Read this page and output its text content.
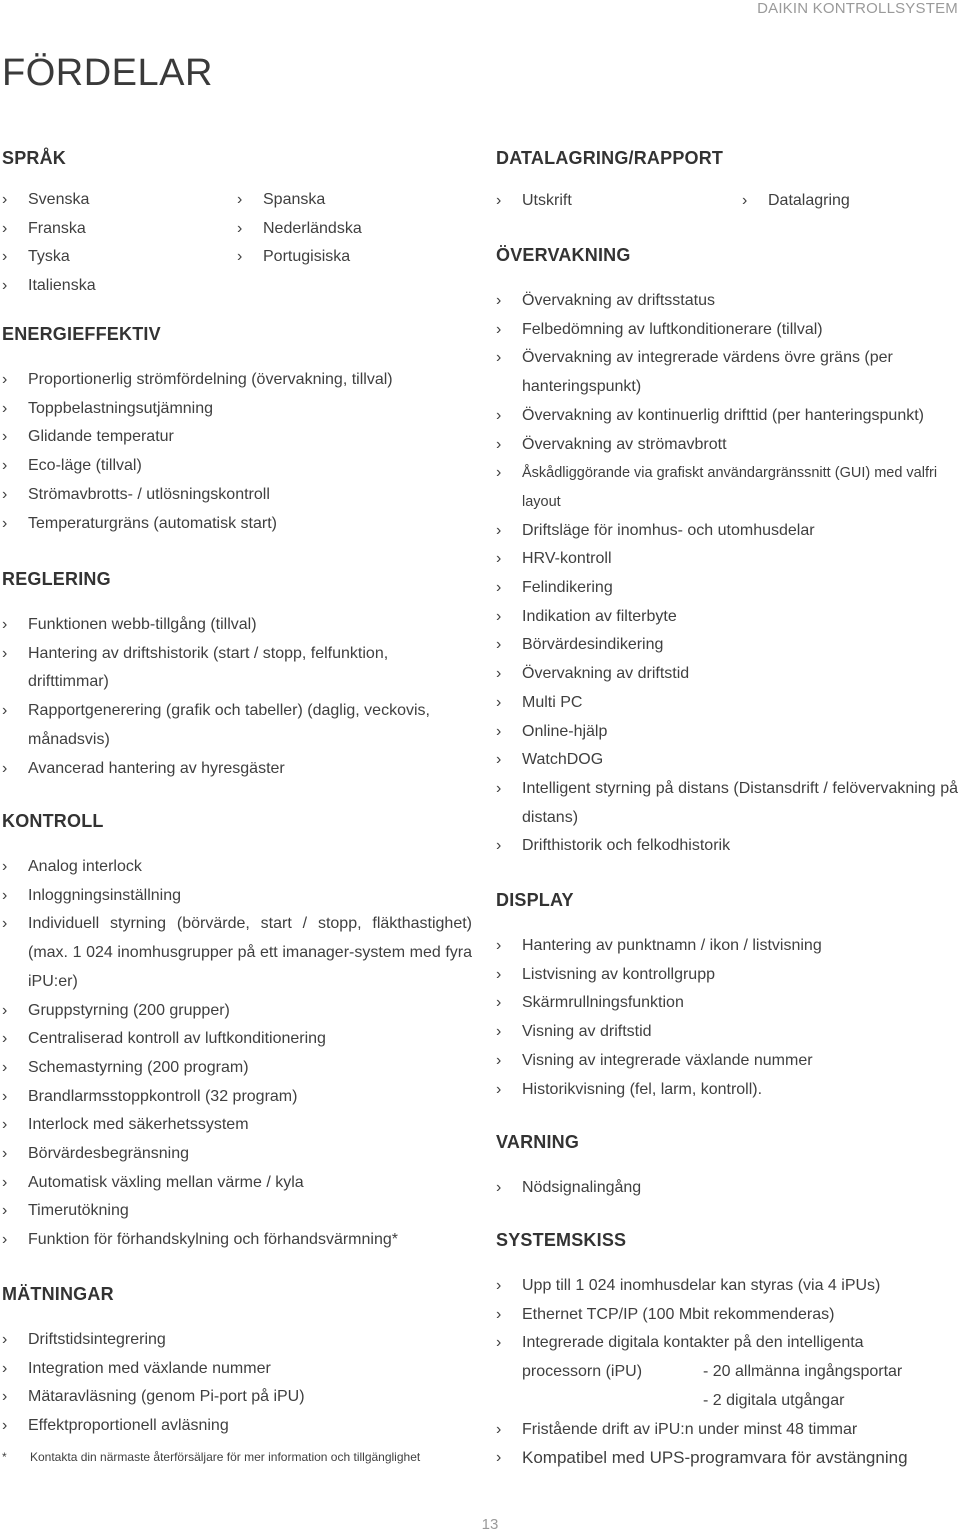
DAIKIN KONTROLLSYSTEM
FÖRDELAR
SPRÅK
› Svenska
› Franska
› Tyska
› Italienska
› Spanska
› Nederländska
› Portugisiska
ENERGIEFFEKTIV
› Proportionerlig strömfördelning (övervakning, tillval)
› Toppbelastningsutjämning
› Glidande temperatur
› Eco-läge (tillval)
› Strömavbrotts- / utlösningskontroll
› Temperaturgräns (automatisk start)
REGLERING
› Funktionen webb-tillgång (tillval)
› Hantering av driftshistorik (start / stopp, felfunktion, drifttimmar)
› Rapportgenerering (grafik och tabeller) (daglig, veckovis, månadsvis)
› Avancerad hantering av hyresgäster
KONTROLL
› Analog interlock
› Inloggningsinställning
› Individuell styrning (börvärde, start / stopp, fläkthastighet) (max. 1 024 inomhusgrupper på ett imanager-system med fyra iPU:er)
› Gruppstyrning (200 grupper)
› Centraliserad kontroll av luftkonditionering
› Schemastyrning (200 program)
› Brandlarmsstoppkontroll (32 program)
› Interlock med säkerhetssystem
› Börvärdesbegränsning
› Automatisk växling mellan värme / kyla
› Timerutökning
› Funktion för förhandskylning och förhandsvärmning*
MÄTNINGAR
› Driftstidsintegrering
› Integration med växlande nummer
› Mätaravläsning (genom Pi-port på iPU)
› Effektproportionell avläsning
DATALAGRING/RAPPORT
› Utskrift
›	Datalagring
ÖVERVAKNING
› Övervakning av driftsstatus
› Felbedömning av luftkonditionerare (tillval)
› Övervakning av integrerade värdens övre gräns (per hanteringspunkt)
› Övervakning av kontinuerlig drifttid (per hanteringspunkt)
› Övervakning av strömavbrott
› Åskådliggörande via grafiskt användargränssnitt (GUI) med valfri layout
› Driftsläge för inomhus- och utomhusdelar
› HRV-kontroll
› Felindikering
› Indikation av filterbyte
› Börvärdesindikering
› Övervakning av driftstid
› Multi PC
› Online-hjälp
› WatchDOG
› Intelligent styrning på distans (Distansdrift / felövervakning på distans)
› Drifthistorik och felkodhistorik
DISPLAY
› Hantering av punktnamn / ikon / listvisning
› Listvisning av kontrollgrupp
› Skärmrullningsfunktion
› Visning av driftstid
› Visning av integrerade växlande nummer
› Historikvisning (fel, larm, kontroll).
VARNING
› Nödsignalingång
SYSTEMSKISS
› Upp till 1 024 inomhusdelar kan styras (via 4 iPUs)
› Ethernet TCP/IP (100 Mbit rekommenderas)
› Integrerade digitala kontakter på den intelligenta
processorn (iPU)	- 20 allmänna ingångsportar

- 2 digitala utgångar
› Fristående drift av iPU:n under minst 48 timmar
› Kompatibel med UPS-programvara för avstängning
* Kontakta din närmaste återförsäljare för mer information och tillgänglighet
13
